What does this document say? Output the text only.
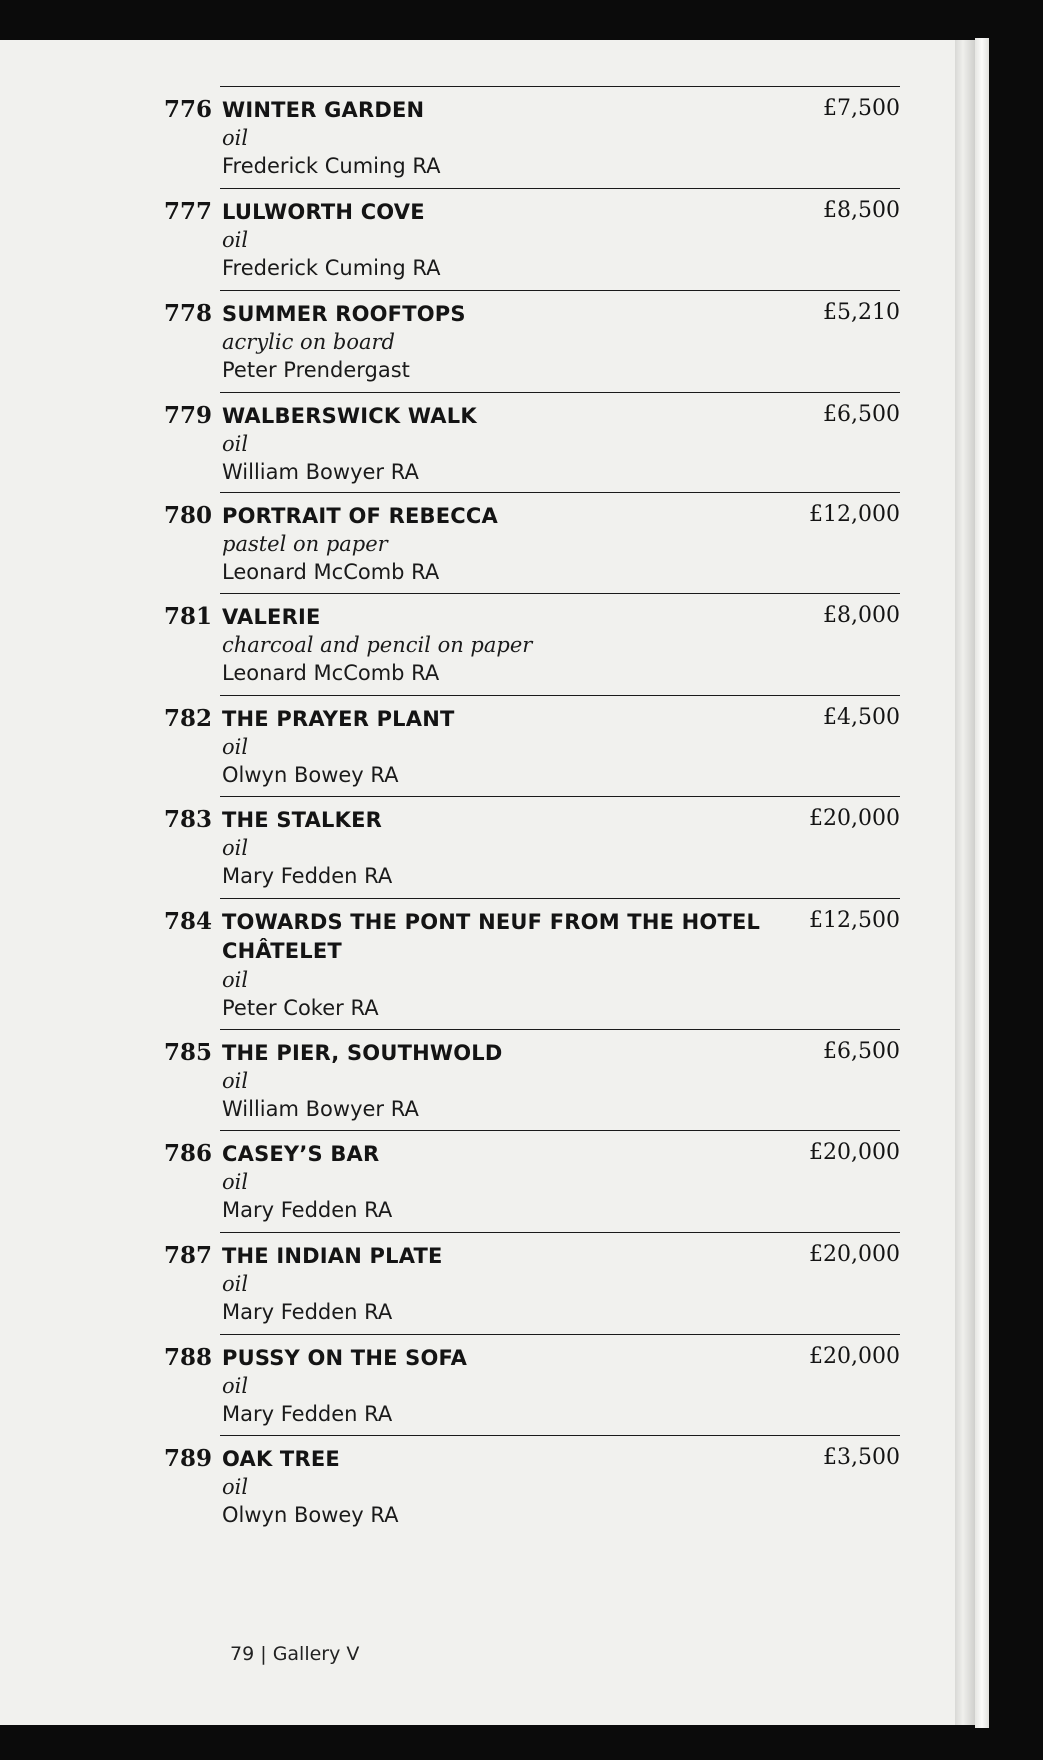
776 WINTER GARDEN
oil
Frederick Cuming RA
£7,500
777 LULWORTH COVE
oil
Frederick Cuming RA
£8,500
778 SUMMER ROOFTOPS
acrylic on board
Peter Prendergast
£5,210
779 WALBERSWICK WALK
oil
William Bowyer RA
£6,500
780 PORTRAIT OF REBECCA
pastel on paper
Leonard McComb RA
£12,000
781 VALERIE
charcoal and pencil on paper
Leonard McComb RA
£8,000
782 THE PRAYER PLANT
oil
Olwyn Bowey RA
£4,500
783 THE STALKER
oil
Mary Fedden RA
£20,000
784 TOWARDS THE PONT NEUF FROM THE HOTEL CHÂTELET
oil
Peter Coker RA
£12,500
785 THE PIER, SOUTHWOLD
oil
William Bowyer RA
£6,500
786 CASEY’S BAR
oil
Mary Fedden RA
£20,000
787 THE INDIAN PLATE
oil
Mary Fedden RA
£20,000
788 PUSSY ON THE SOFA
oil
Mary Fedden RA
£20,000
789 OAK TREE
oil
Olwyn Bowey RA
£3,500
79 | Gallery V
